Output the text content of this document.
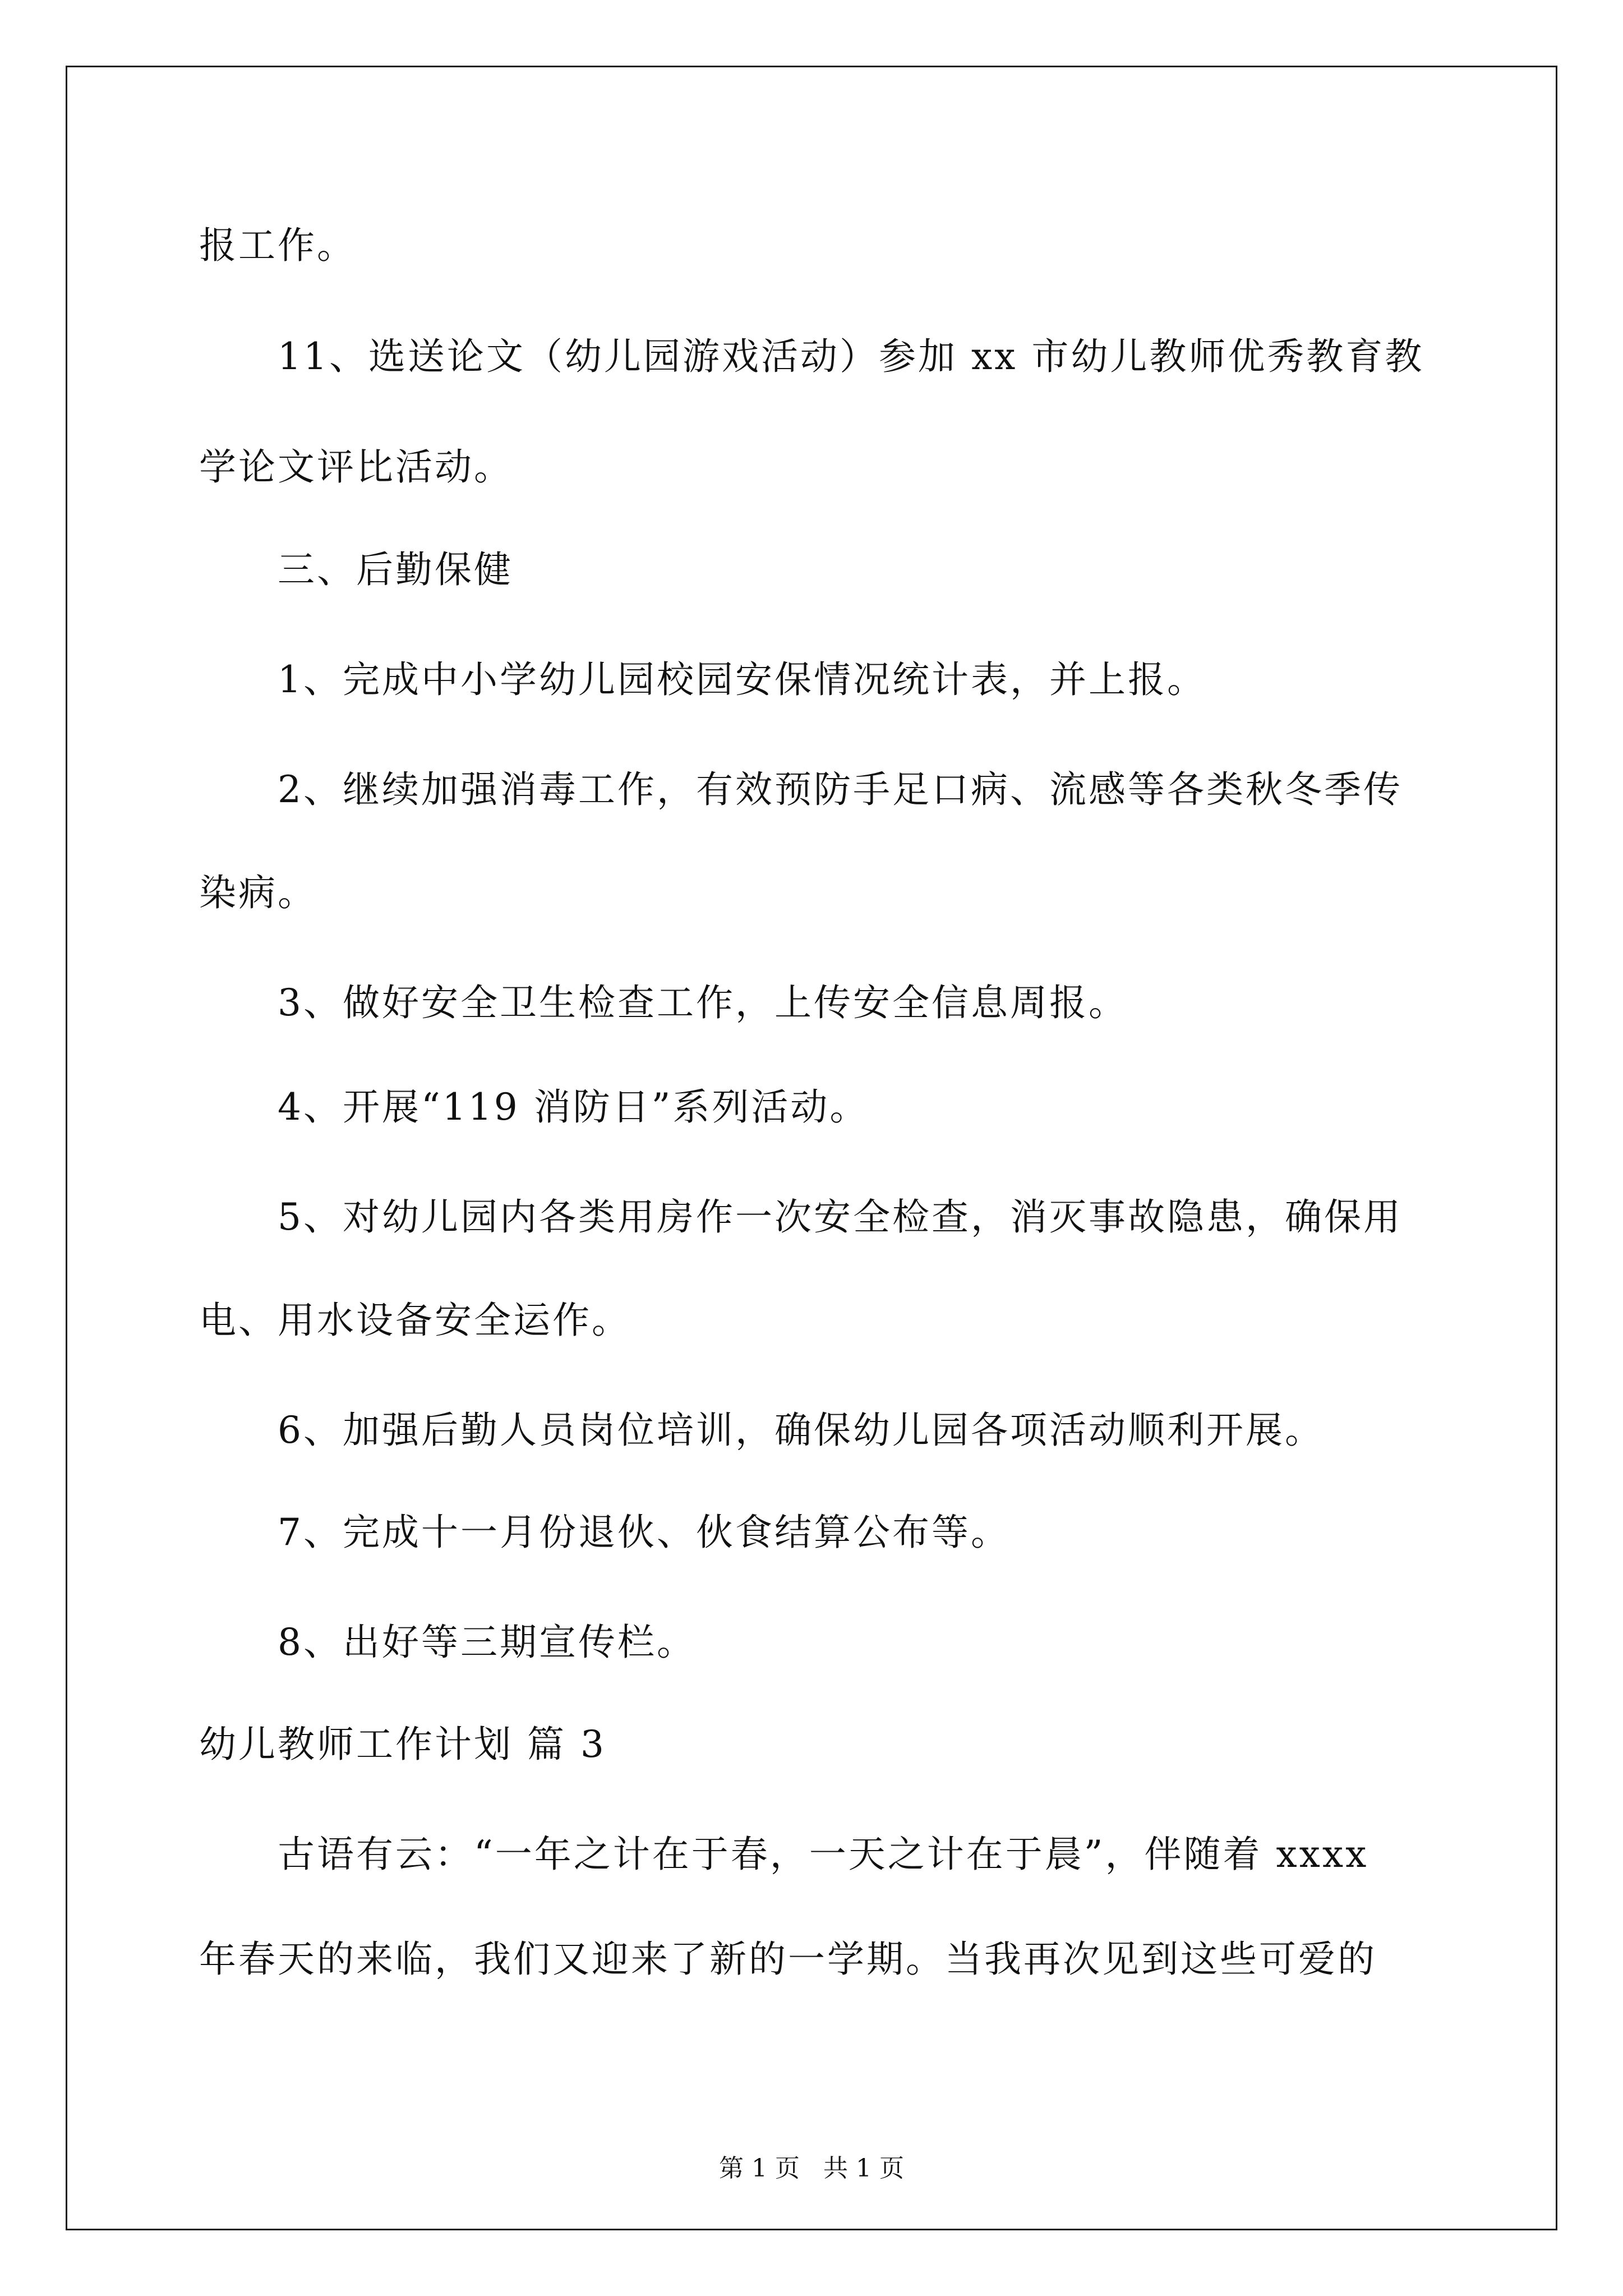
报工作。

11、选送论文（幼儿园游戏活动）参加 xx 市幼儿教师优秀教育教

学论文评比活动。

三、后勤保健

1、完成中小学幼儿园校园安保情况统计表，并上报。

2、继续加强消毒工作，有效预防手足口病、流感等各类秋冬季传

染病。

3、做好安全卫生检查工作，上传安全信息周报。

4、开展“119 消防日”系列活动。

5、对幼儿园内各类用房作一次安全检查，消灭事故隐患，确保用

电、用水设备安全运作。

6、加强后勤人员岗位培训，确保幼儿园各项活动顺利开展。

7、完成十一月份退伙、伙食结算公布等。

8、出好等三期宣传栏。

幼儿教师工作计划 篇 3

古语有云：“一年之计在于春，一天之计在于晨”，伴随着 xxxx

年春天的来临，我们又迎来了新的一学期。当我再次见到这些可爱的

第 1 页   共 1 页
